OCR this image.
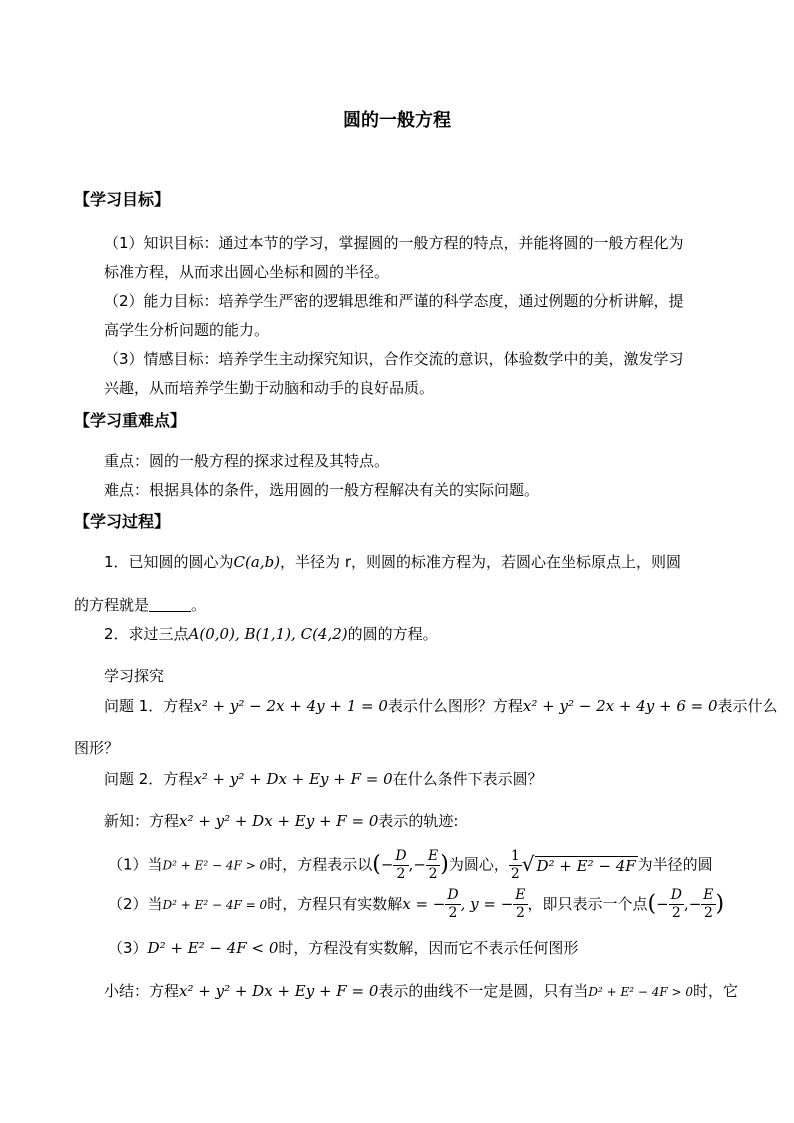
圆的一般方程
【学习目标】
（1）知识目标：通过本节的学习，掌握圆的一般方程的特点，并能将圆的一般方程化为
标准方程，从而求出圆心坐标和圆的半径。
（2）能力目标：培养学生严密的逻辑思维和严谨的科学态度，通过例题的分析讲解，提
高学生分析问题的能力。
（3）情感目标：培养学生主动探究知识，合作交流的意识，体验数学中的美，激发学习
兴趣，从而培养学生勤于动脑和动手的良好品质。
【学习重难点】
重点：圆的一般方程的探求过程及其特点。
难点：根据具体的条件，选用圆的一般方程解决有关的实际问题。
【学习过程】
1．已知圆的圆心为C(a,b)，半径为 r，则圆的标准方程为，若圆心在坐标原点上，则圆
的方程就是	。
2．求过三点A(0,0), B(1,1), C(4,2)的圆的方程。
学习探究
问题 1．方程x² + y² − 2x + 4y + 1 = 0表示什么图形？方程x² + y² − 2x + 4y + 6 = 0表示什么
图形？
问题 2．方程x² + y² + Dx + Ey + F = 0在什么条件下表示圆？
新知：方程x² + y² + Dx + Ey + F = 0表示的轨迹:
（1）当D² + E² − 4F > 0时，方程表示以(− $\frac{D}{2}$ ,− $\frac{E}{2}$ )为圆心， $\frac{1}{2}$ √ D² + E² − 4F 为半径的圆
（2）当D² + E² − 4F = 0时，方程只有实数解x = − $\frac{D}{2}$ , y = − $\frac{E}{2}$ ，即只表示一个点(− $\frac{D}{2}$ ,− $\frac{E}{2}$ )
（3）D² + E² − 4F < 0时，方程没有实数解，因而它不表示任何图形
小结：方程x² + y² + Dx + Ey + F = 0表示的曲线不一定是圆，只有当D² + E² − 4F > 0时，它
